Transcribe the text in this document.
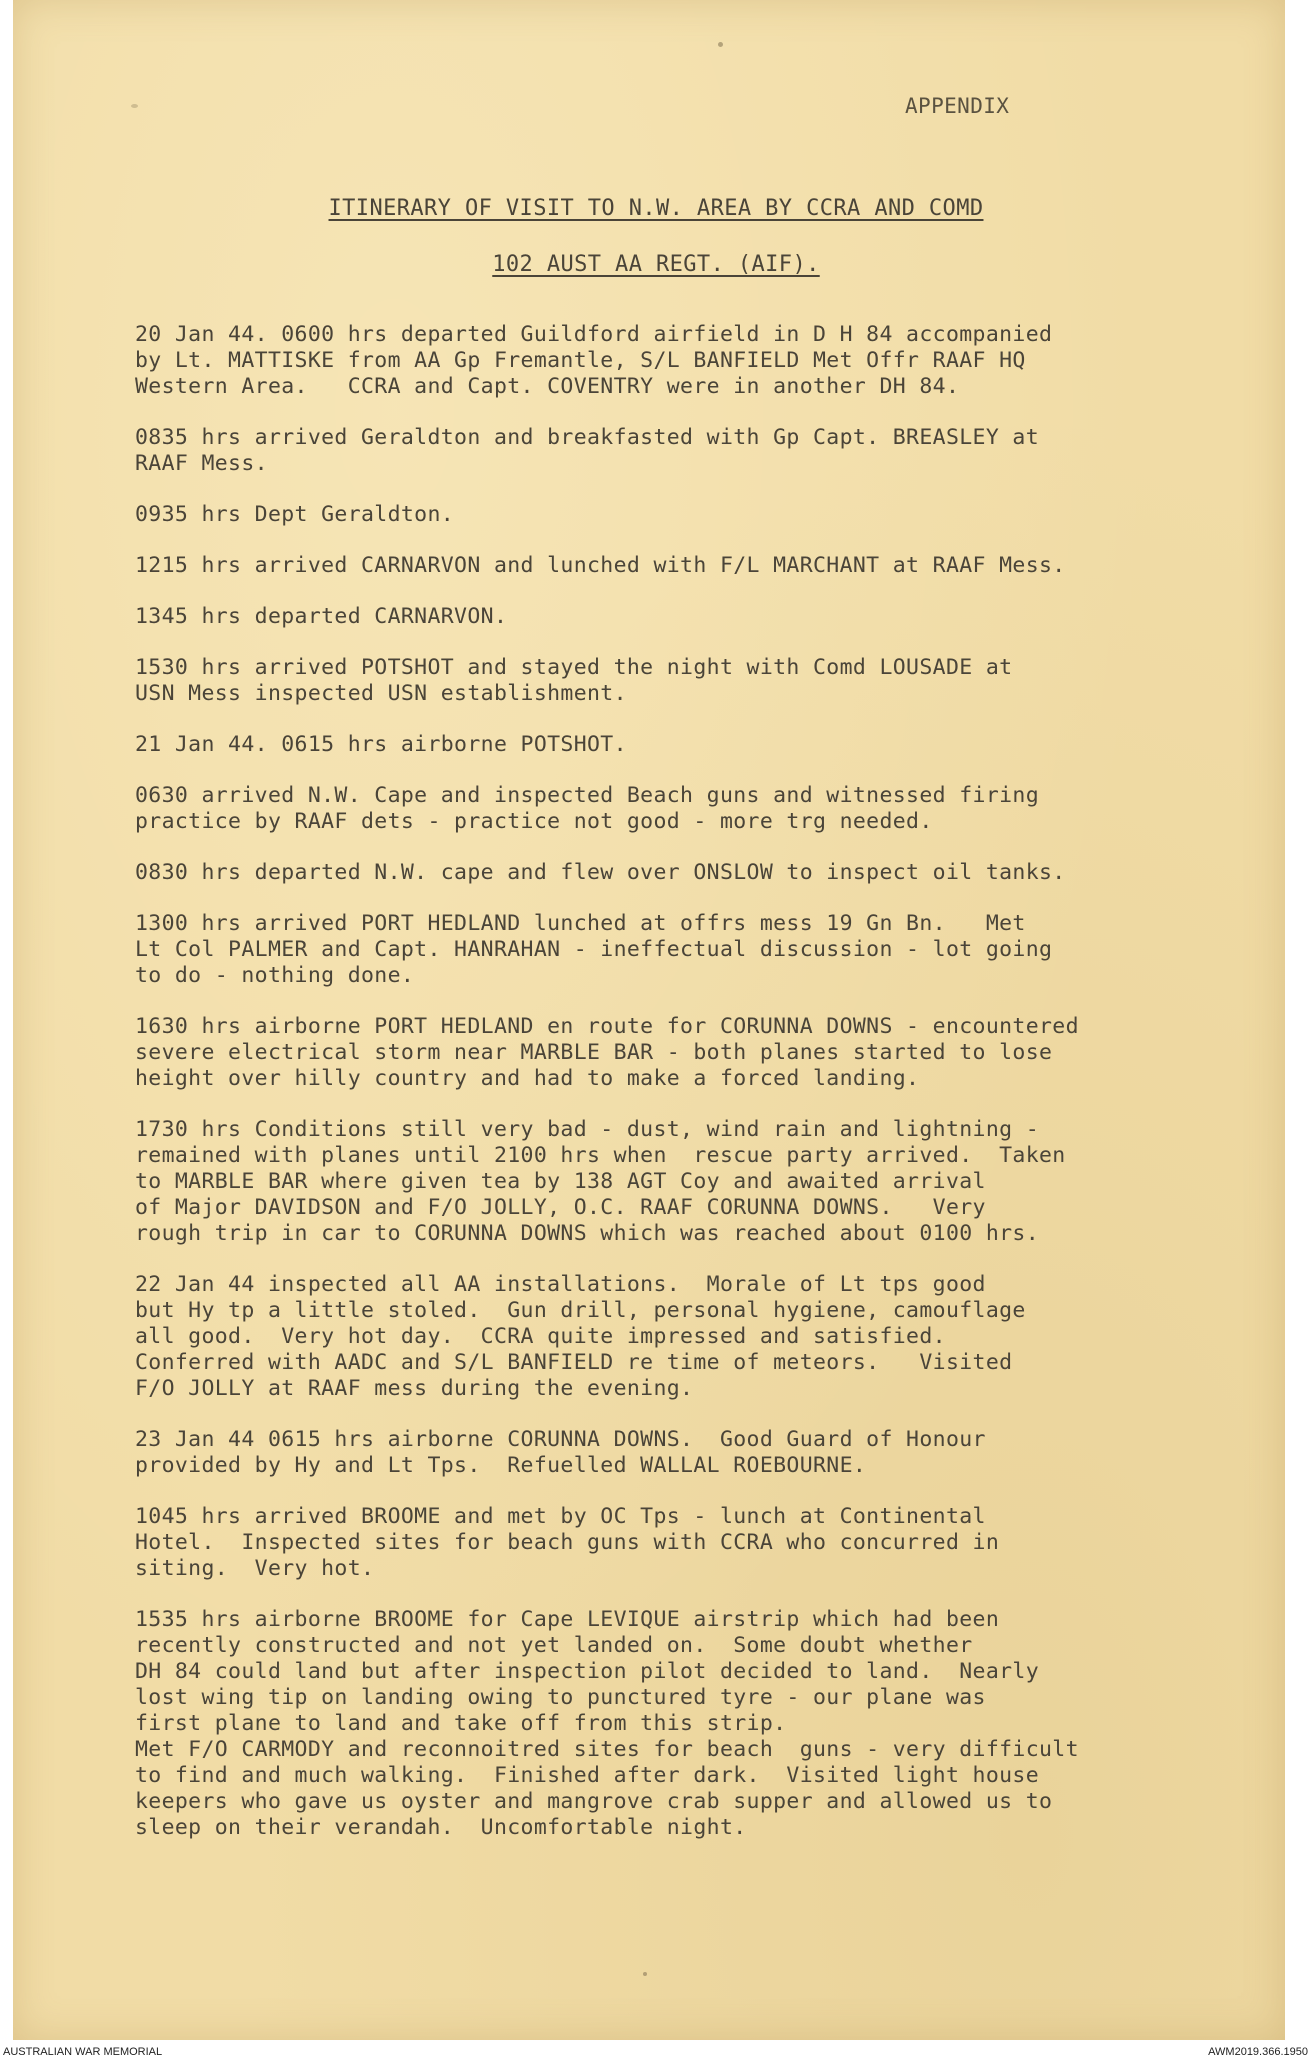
APPENDIX
ITINERARY OF VISIT TO N.W. AREA BY CCRA AND COMD
102 AUST AA REGT. (AIF).
20 Jan 44. 0600 hrs departed Guildford airfield in D H 84 accompanied
by Lt. MATTISKE from AA Gp Fremantle, S/L BANFIELD Met Offr RAAF HQ
Western Area.   CCRA and Capt. COVENTRY were in another DH 84.
0835 hrs arrived Geraldton and breakfasted with Gp Capt. BREASLEY at
RAAF Mess.
0935 hrs Dept Geraldton.
1215 hrs arrived CARNARVON and lunched with F/L MARCHANT at RAAF Mess.
1345 hrs departed CARNARVON.
1530 hrs arrived POTSHOT and stayed the night with Comd LOUSADE at
USN Mess inspected USN establishment.
21 Jan 44. 0615 hrs airborne POTSHOT.
0630 arrived N.W. Cape and inspected Beach guns and witnessed firing
practice by RAAF dets - practice not good - more trg needed.
0830 hrs departed N.W. cape and flew over ONSLOW to inspect oil tanks.
1300 hrs arrived PORT HEDLAND lunched at offrs mess 19 Gn Bn.   Met
Lt Col PALMER and Capt. HANRAHAN - ineffectual discussion - lot going
to do - nothing done.
1630 hrs airborne PORT HEDLAND en route for CORUNNA DOWNS - encountered
severe electrical storm near MARBLE BAR - both planes started to lose
height over hilly country and had to make a forced landing.
1730 hrs Conditions still very bad - dust, wind rain and lightning -
remained with planes until 2100 hrs when  rescue party arrived.  Taken
to MARBLE BAR where given tea by 138 AGT Coy and awaited arrival
of Major DAVIDSON and F/O JOLLY, O.C. RAAF CORUNNA DOWNS.   Very
rough trip in car to CORUNNA DOWNS which was reached about 0100 hrs.
22 Jan 44 inspected all AA installations.  Morale of Lt tps good
but Hy tp a little stoled.  Gun drill, personal hygiene, camouflage
all good.  Very hot day.  CCRA quite impressed and satisfied.
Conferred with AADC and S/L BANFIELD re time of meteors.   Visited
F/O JOLLY at RAAF mess during the evening.
23 Jan 44 0615 hrs airborne CORUNNA DOWNS.  Good Guard of Honour
provided by Hy and Lt Tps.  Refuelled WALLAL ROEBOURNE.
1045 hrs arrived BROOME and met by OC Tps - lunch at Continental
Hotel.  Inspected sites for beach guns with CCRA who concurred in
siting.  Very hot.
1535 hrs airborne BROOME for Cape LEVIQUE airstrip which had been
recently constructed and not yet landed on.  Some doubt whether
DH 84 could land but after inspection pilot decided to land.  Nearly
lost wing tip on landing owing to punctured tyre - our plane was
first plane to land and take off from this strip.
Met F/O CARMODY and reconnoitred sites for beach  guns - very difficult
to find and much walking.  Finished after dark.  Visited light house
keepers who gave us oyster and mangrove crab supper and allowed us to
sleep on their verandah.  Uncomfortable night.
AUSTRALIAN WAR MEMORIAL	AWM2019.366.1950
